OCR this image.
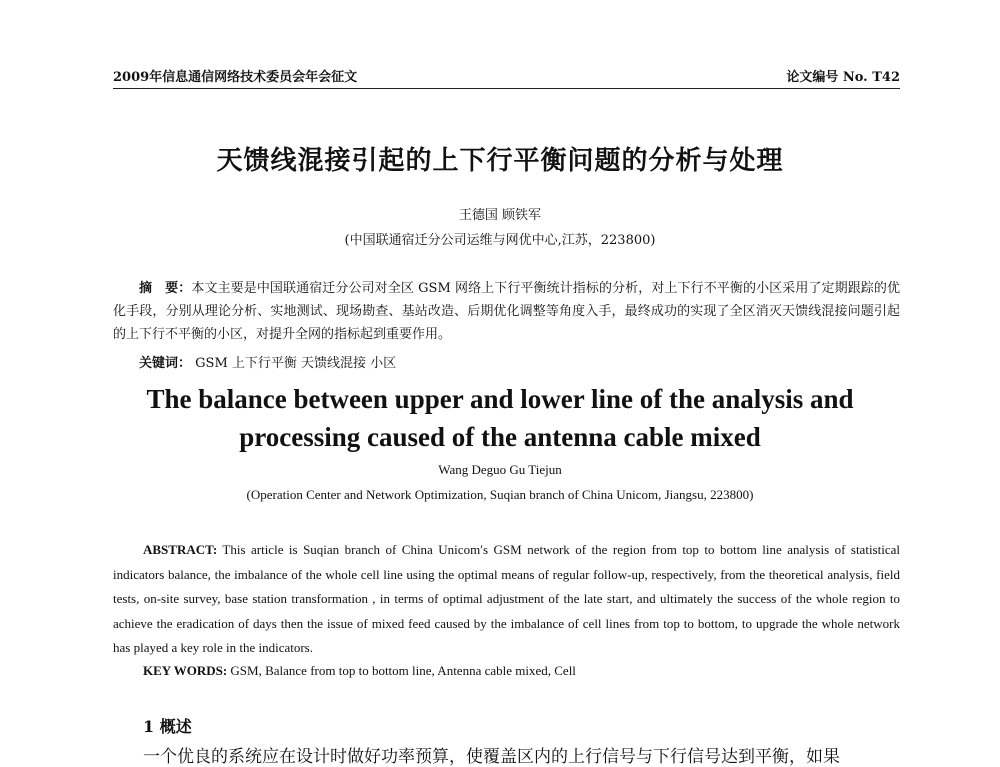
2009年信息通信网络技术委员会年会征文	论文编号 No. T42
天馈线混接引起的上下行平衡问题的分析与处理
王德国 顾铁军
(中国联通宿迁分公司运维与网优中心,江苏，223800)
摘　要：本文主要是中国联通宿迁分公司对全区 GSM 网络上下行平衡统计指标的分析，对上下行不平衡的小区采用了定期跟踪的优化手段，分别从理论分析、实地测试、现场勘查、基站改造、后期优化调整等角度入手，最终成功的实现了全区消灭天馈线混接问题引起的上下行不平衡的小区，对提升全网的指标起到重要作用。
关键词： GSM 上下行平衡 天馈线混接 小区
The balance between upper and lower line of the analysis and
processing caused of the antenna cable mixed
Wang Deguo Gu Tiejun
(Operation Center and Network Optimization, Suqian branch of China Unicom, Jiangsu, 223800)
ABSTRACT: This article is Suqian branch of China Unicom′s GSM network of the region from top to bottom line analysis of statistical indicators balance, the imbalance of the whole cell line using the optimal means of regular follow-up, respectively, from the theoretical analysis, field tests, on-site survey, base station transformation , in terms of optimal adjustment of the late start, and ultimately the success of the whole region to achieve the eradication of days then the issue of mixed feed caused by the imbalance of cell lines from top to bottom, to upgrade the whole network has played a key role in the indicators.
KEY WORDS: GSM, Balance from top to bottom line, Antenna cable mixed, Cell
1 概述
一个优良的系统应在设计时做好功率预算，使覆盖区内的上行信号与下行信号达到平衡，如果
